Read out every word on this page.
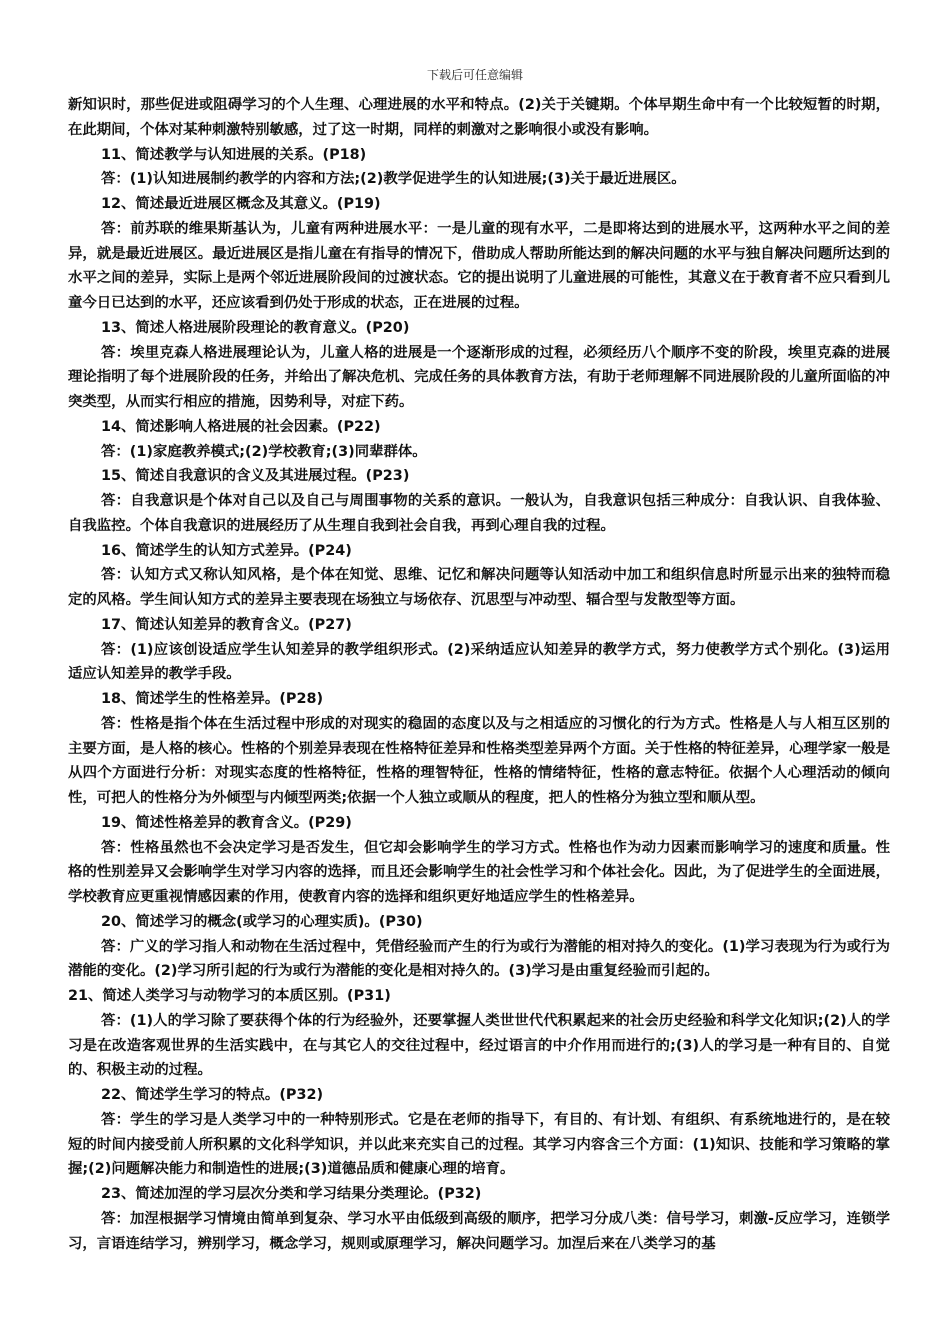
下载后可任意编辑

新知识时，那些促进或阻碍学习的个人生理、心理进展的水平和特点。(2)关于关键期。个体早期生命中有一个比较短暂的时期，在此期间，个体对某种刺激特别敏感，过了这一时期，同样的刺激对之影响很小或没有影响。

11、简述教学与认知进展的关系。(P18)

答：(1)认知进展制约教学的内容和方法;(2)教学促进学生的认知进展;(3)关于最近进展区。

12、简述最近进展区概念及其意义。(P19)

答：前苏联的维果斯基认为，儿童有两种进展水平：一是儿童的现有水平，二是即将达到的进展水平，这两种水平之间的差异，就是最近进展区。最近进展区是指儿童在有指导的情况下，借助成人帮助所能达到的解决问题的水平与独自解决问题所达到的水平之间的差异，实际上是两个邻近进展阶段间的过渡状态。它的提出说明了儿童进展的可能性，其意义在于教育者不应只看到儿童今日已达到的水平，还应该看到仍处于形成的状态，正在进展的过程。

13、简述人格进展阶段理论的教育意义。(P20)

答：埃里克森人格进展理论认为，儿童人格的进展是一个逐渐形成的过程，必须经历八个顺序不变的阶段，埃里克森的进展理论指明了每个进展阶段的任务，并给出了解决危机、完成任务的具体教育方法，有助于老师理解不同进展阶段的儿童所面临的冲突类型，从而实行相应的措施，因势利导，对症下药。

14、简述影响人格进展的社会因素。(P22)

答：(1)家庭教养模式;(2)学校教育;(3)同辈群体。

15、简述自我意识的含义及其进展过程。(P23)

答：自我意识是个体对自己以及自己与周围事物的关系的意识。一般认为，自我意识包括三种成分：自我认识、自我体验、自我监控。个体自我意识的进展经历了从生理自我到社会自我，再到心理自我的过程。

16、简述学生的认知方式差异。(P24)

答：认知方式又称认知风格，是个体在知觉、思维、记忆和解决问题等认知活动中加工和组织信息时所显示出来的独特而稳定的风格。学生间认知方式的差异主要表现在场独立与场依存、沉思型与冲动型、辐合型与发散型等方面。

17、简述认知差异的教育含义。(P27)

答：(1)应该创设适应学生认知差异的教学组织形式。(2)采纳适应认知差异的教学方式，努力使教学方式个别化。(3)运用适应认知差异的教学手段。

18、简述学生的性格差异。(P28)

答：性格是指个体在生活过程中形成的对现实的稳固的态度以及与之相适应的习惯化的行为方式。性格是人与人相互区别的主要方面，是人格的核心。性格的个别差异表现在性格特征差异和性格类型差异两个方面。关于性格的特征差异，心理学家一般是从四个方面进行分析：对现实态度的性格特征，性格的理智特征，性格的情绪特征，性格的意志特征。依据个人心理活动的倾向性，可把人的性格分为外倾型与内倾型两类;依据一个人独立或顺从的程度，把人的性格分为独立型和顺从型。

19、简述性格差异的教育含义。(P29)

答：性格虽然也不会决定学习是否发生，但它却会影响学生的学习方式。性格也作为动力因素而影响学习的速度和质量。性格的性别差异又会影响学生对学习内容的选择，而且还会影响学生的社会性学习和个体社会化。因此，为了促进学生的全面进展，学校教育应更重视情感因素的作用，使教育内容的选择和组织更好地适应学生的性格差异。

20、简述学习的概念(或学习的心理实质)。(P30)

答：广义的学习指人和动物在生活过程中，凭借经验而产生的行为或行为潜能的相对持久的变化。(1)学习表现为行为或行为潜能的变化。(2)学习所引起的行为或行为潜能的变化是相对持久的。(3)学习是由重复经验而引起的。

21、简述人类学习与动物学习的本质区别。(P31)

答：(1)人的学习除了要获得个体的行为经验外，还要掌握人类世世代代积累起来的社会历史经验和科学文化知识;(2)人的学习是在改造客观世界的生活实践中，在与其它人的交往过程中，经过语言的中介作用而进行的;(3)人的学习是一种有目的、自觉的、积极主动的过程。

22、简述学生学习的特点。(P32)

答：学生的学习是人类学习中的一种特别形式。它是在老师的指导下，有目的、有计划、有组织、有系统地进行的，是在较短的时间内接受前人所积累的文化科学知识，并以此来充实自己的过程。其学习内容含三个方面：(1)知识、技能和学习策略的掌握;(2)问题解决能力和制造性的进展;(3)道德品质和健康心理的培育。

23、简述加涅的学习层次分类和学习结果分类理论。(P32)

答：加涅根据学习情境由简单到复杂、学习水平由低级到高级的顺序，把学习分成八类：信号学习，刺激-反应学习，连锁学习，言语连结学习，辨别学习，概念学习，规则或原理学习，解决问题学习。加涅后来在八类学习的基
